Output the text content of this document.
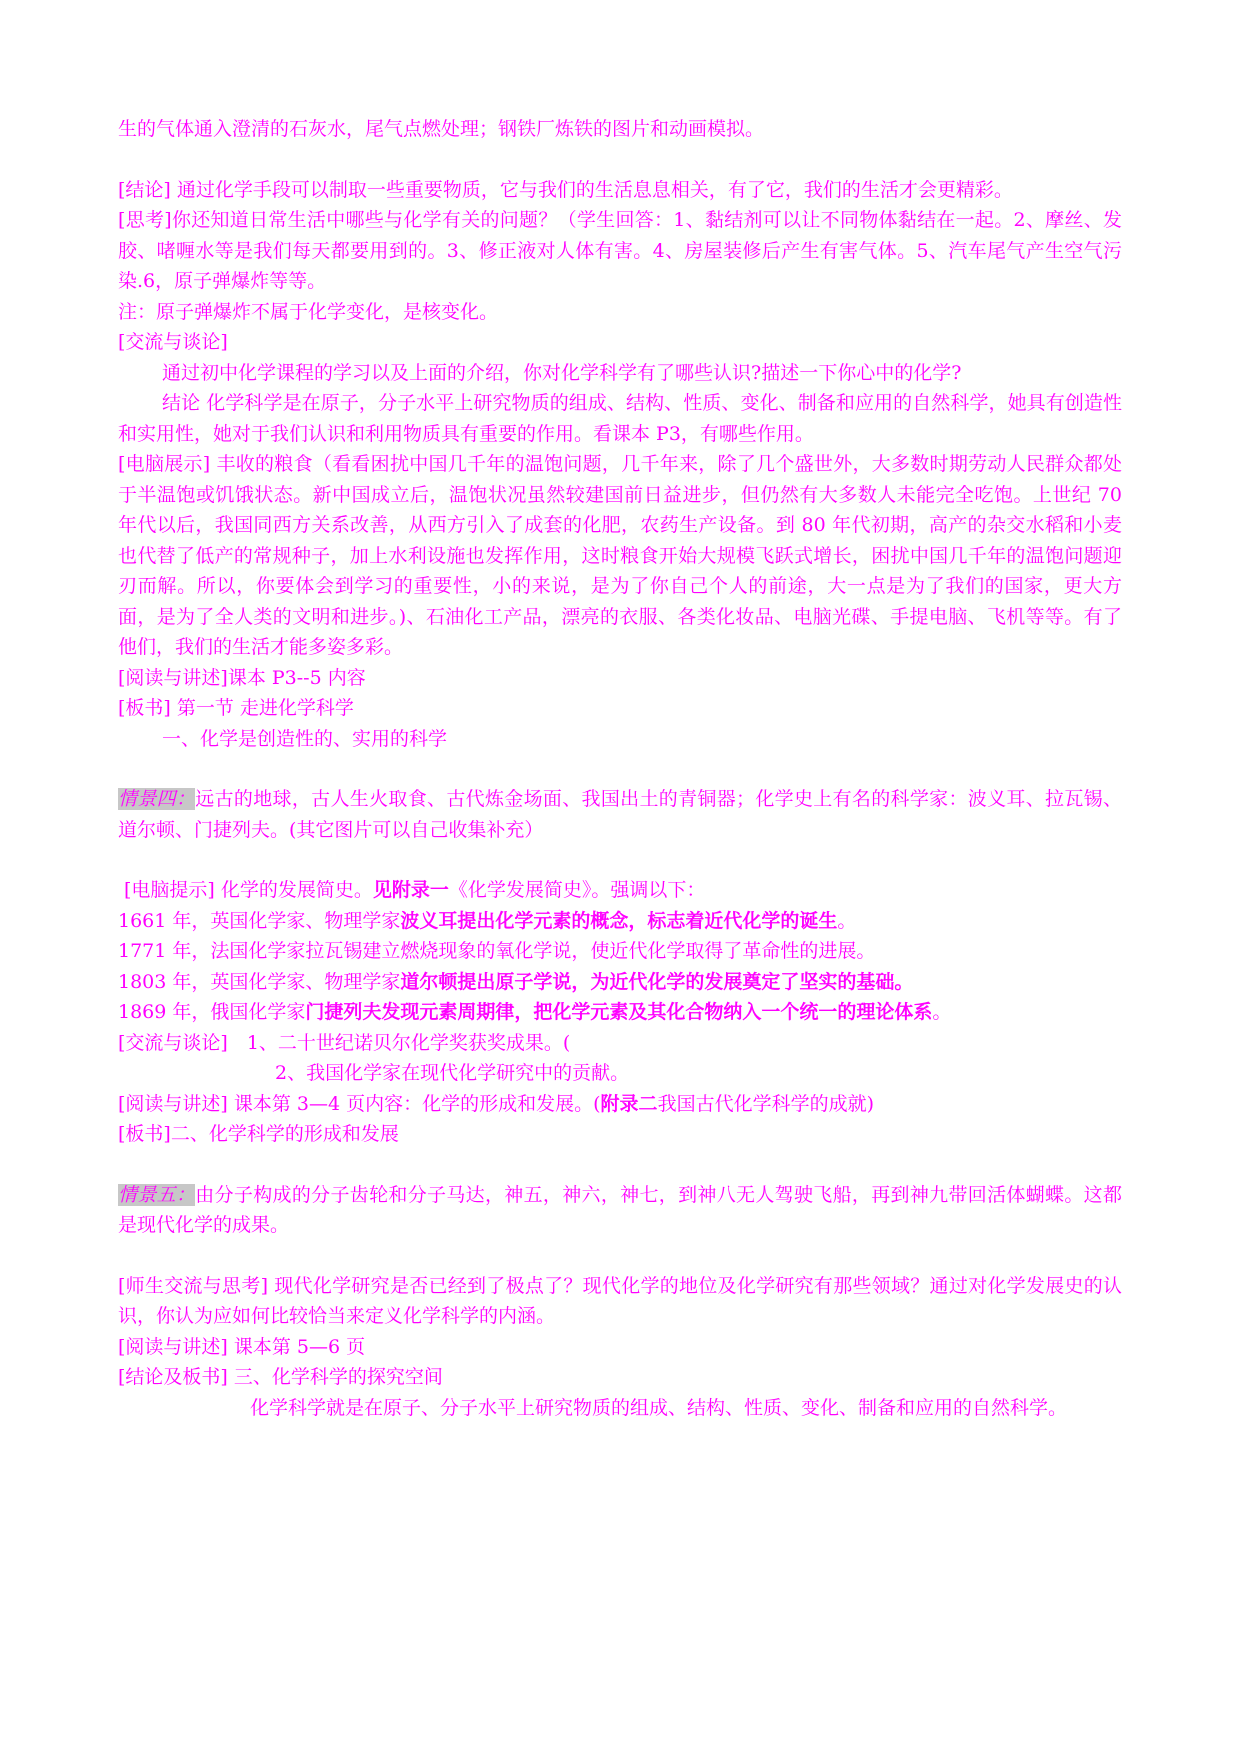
生的气体通入澄清的石灰水，尾气点燃处理；钢铁厂炼铁的图片和动画模拟。

[结论] 通过化学手段可以制取一些重要物质，它与我们的生活息息相关，有了它，我们的生活才会更精彩。

[思考]你还知道日常生活中哪些与化学有关的问题？（学生回答：1、黏结剂可以让不同物体黏结在一起。2、摩丝、发胶、啫喱水等是我们每天都要用到的。3、修正液对人体有害。4、房屋装修后产生有害气体。5、汽车尾气产生空气污染.6，原子弹爆炸等等。

注：原子弹爆炸不属于化学变化，是核变化。

[交流与谈论]

通过初中化学课程的学习以及上面的介绍，你对化学科学有了哪些认识?描述一下你心中的化学?

结论 化学科学是在原子，分子水平上研究物质的组成、结构、性质、变化、制备和应用的自然科学，她具有创造性和实用性，她对于我们认识和利用物质具有重要的作用。看课本 P3，有哪些作用。

[电脑展示] 丰收的粮食（看看困扰中国几千年的温饱问题，几千年来，除了几个盛世外，大多数时期劳动人民群众都处于半温饱或饥饿状态。新中国成立后，温饱状况虽然较建国前日益进步，但仍然有大多数人未能完全吃饱。上世纪 70 年代以后，我国同西方关系改善，从西方引入了成套的化肥，农药生产设备。到 80 年代初期，高产的杂交水稻和小麦也代替了低产的常规种子，加上水利设施也发挥作用，这时粮食开始大规模飞跃式增长，困扰中国几千年的温饱问题迎刃而解。所以，你要体会到学习的重要性，小的来说，是为了你自己个人的前途，大一点是为了我们的国家，更大方面，是为了全人类的文明和进步。)、石油化工产品，漂亮的衣服、各类化妆品、电脑光碟、手提电脑、飞机等等。有了他们，我们的生活才能多姿多彩。

[阅读与讲述]课本 P3--5 内容

[板书] 第一节 走进化学科学

一、化学是创造性的、实用的科学

情景四：远古的地球，古人生火取食、古代炼金场面、我国出土的青铜器；化学史上有名的科学家：波义耳、拉瓦锡、道尔顿、门捷列夫。(其它图片可以自己收集补充）

[电脑提示] 化学的发展简史。见附录一《化学发展简史》。强调以下：

1661 年，英国化学家、物理学家波义耳提出化学元素的概念，标志着近代化学的诞生。

1771 年，法国化学家拉瓦锡建立燃烧现象的氧化学说，使近代化学取得了革命性的进展。

1803 年，英国化学家、物理学家道尔顿提出原子学说，为近代化学的发展奠定了坚实的基础。

1869 年，俄国化学家门捷列夫发现元素周期律，把化学元素及其化合物纳入一个统一的理论体系。

[交流与谈论]　1、二十世纪诺贝尔化学奖获奖成果。(

2、我国化学家在现代化学研究中的贡献。

[阅读与讲述] 课本第 3—4 页内容：化学的形成和发展。(附录二我国古代化学科学的成就)

[板书]二、化学科学的形成和发展

情景五：由分子构成的分子齿轮和分子马达，神五，神六，神七，到神八无人驾驶飞船，再到神九带回活体蝴蝶。这都是现代化学的成果。

[师生交流与思考] 现代化学研究是否已经到了极点了？现代化学的地位及化学研究有那些领域？通过对化学发展史的认识，你认为应如何比较恰当来定义化学科学的内涵。

[阅读与讲述] 课本第 5—6 页

[结论及板书] 三、化学科学的探究空间

化学科学就是在原子、分子水平上研究物质的组成、结构、性质、变化、制备和应用的自然科学。
